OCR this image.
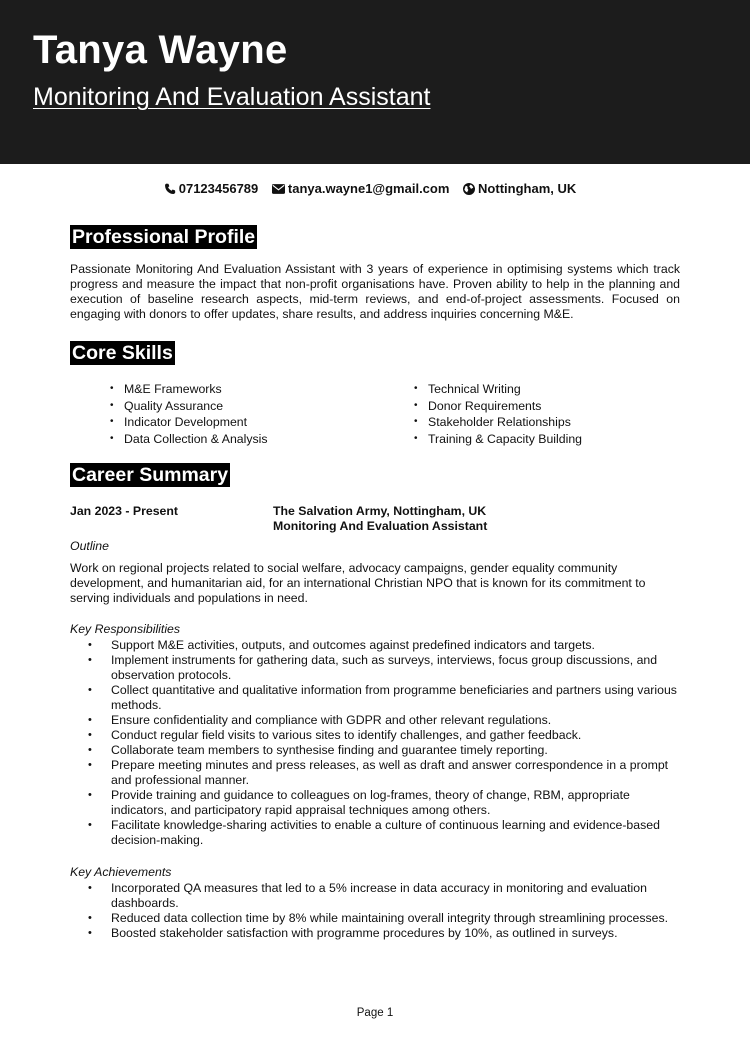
Tanya Wayne
Monitoring And Evaluation Assistant
07123456789 tanya.wayne1@gmail.com Nottingham, UK
Professional Profile

Passionate Monitoring And Evaluation Assistant with 3 years of experience in optimising systems which track progress and measure the impact that non-profit organisations have. Proven ability to help in the planning and execution of baseline research aspects, mid-term reviews, and end-of-project assessments. Focused on engaging with donors to offer updates, share results, and address inquiries concerning M&E.

Core Skills
• M&E Frameworks
• Quality Assurance
• Indicator Development
• Data Collection & Analysis
• Technical Writing
• Donor Requirements
• Stakeholder Relationships
• Training & Capacity Building
Career Summary
Jan 2023 - Present	The Salvation Army, Nottingham, UK
Monitoring And Evaluation Assistant
Outline

Work on regional projects related to social welfare, advocacy campaigns, gender equality community development, and humanitarian aid, for an international Christian NPO that is known for its commitment to serving individuals and populations in need.

Key Responsibilities
• Support M&E activities, outputs, and outcomes against predefined indicators and targets.
• Implement instruments for gathering data, such as surveys, interviews, focus group discussions, and observation protocols.
• Collect quantitative and qualitative information from programme beneficiaries and partners using various methods.
• Ensure confidentiality and compliance with GDPR and other relevant regulations.
• Conduct regular field visits to various sites to identify challenges, and gather feedback.
• Collaborate team members to synthesise finding and guarantee timely reporting.
• Prepare meeting minutes and press releases, as well as draft and answer correspondence in a prompt and professional manner.
• Provide training and guidance to colleagues on log-frames, theory of change, RBM, appropriate indicators, and participatory rapid appraisal techniques among others.
• Facilitate knowledge-sharing activities to enable a culture of continuous learning and evidence-based decision-making.
Key Achievements
• Incorporated QA measures that led to a 5% increase in data accuracy in monitoring and evaluation dashboards.
• Reduced data collection time by 8% while maintaining overall integrity through streamlining processes.
• Boosted stakeholder satisfaction with programme procedures by 10%, as outlined in surveys.
Page 1
